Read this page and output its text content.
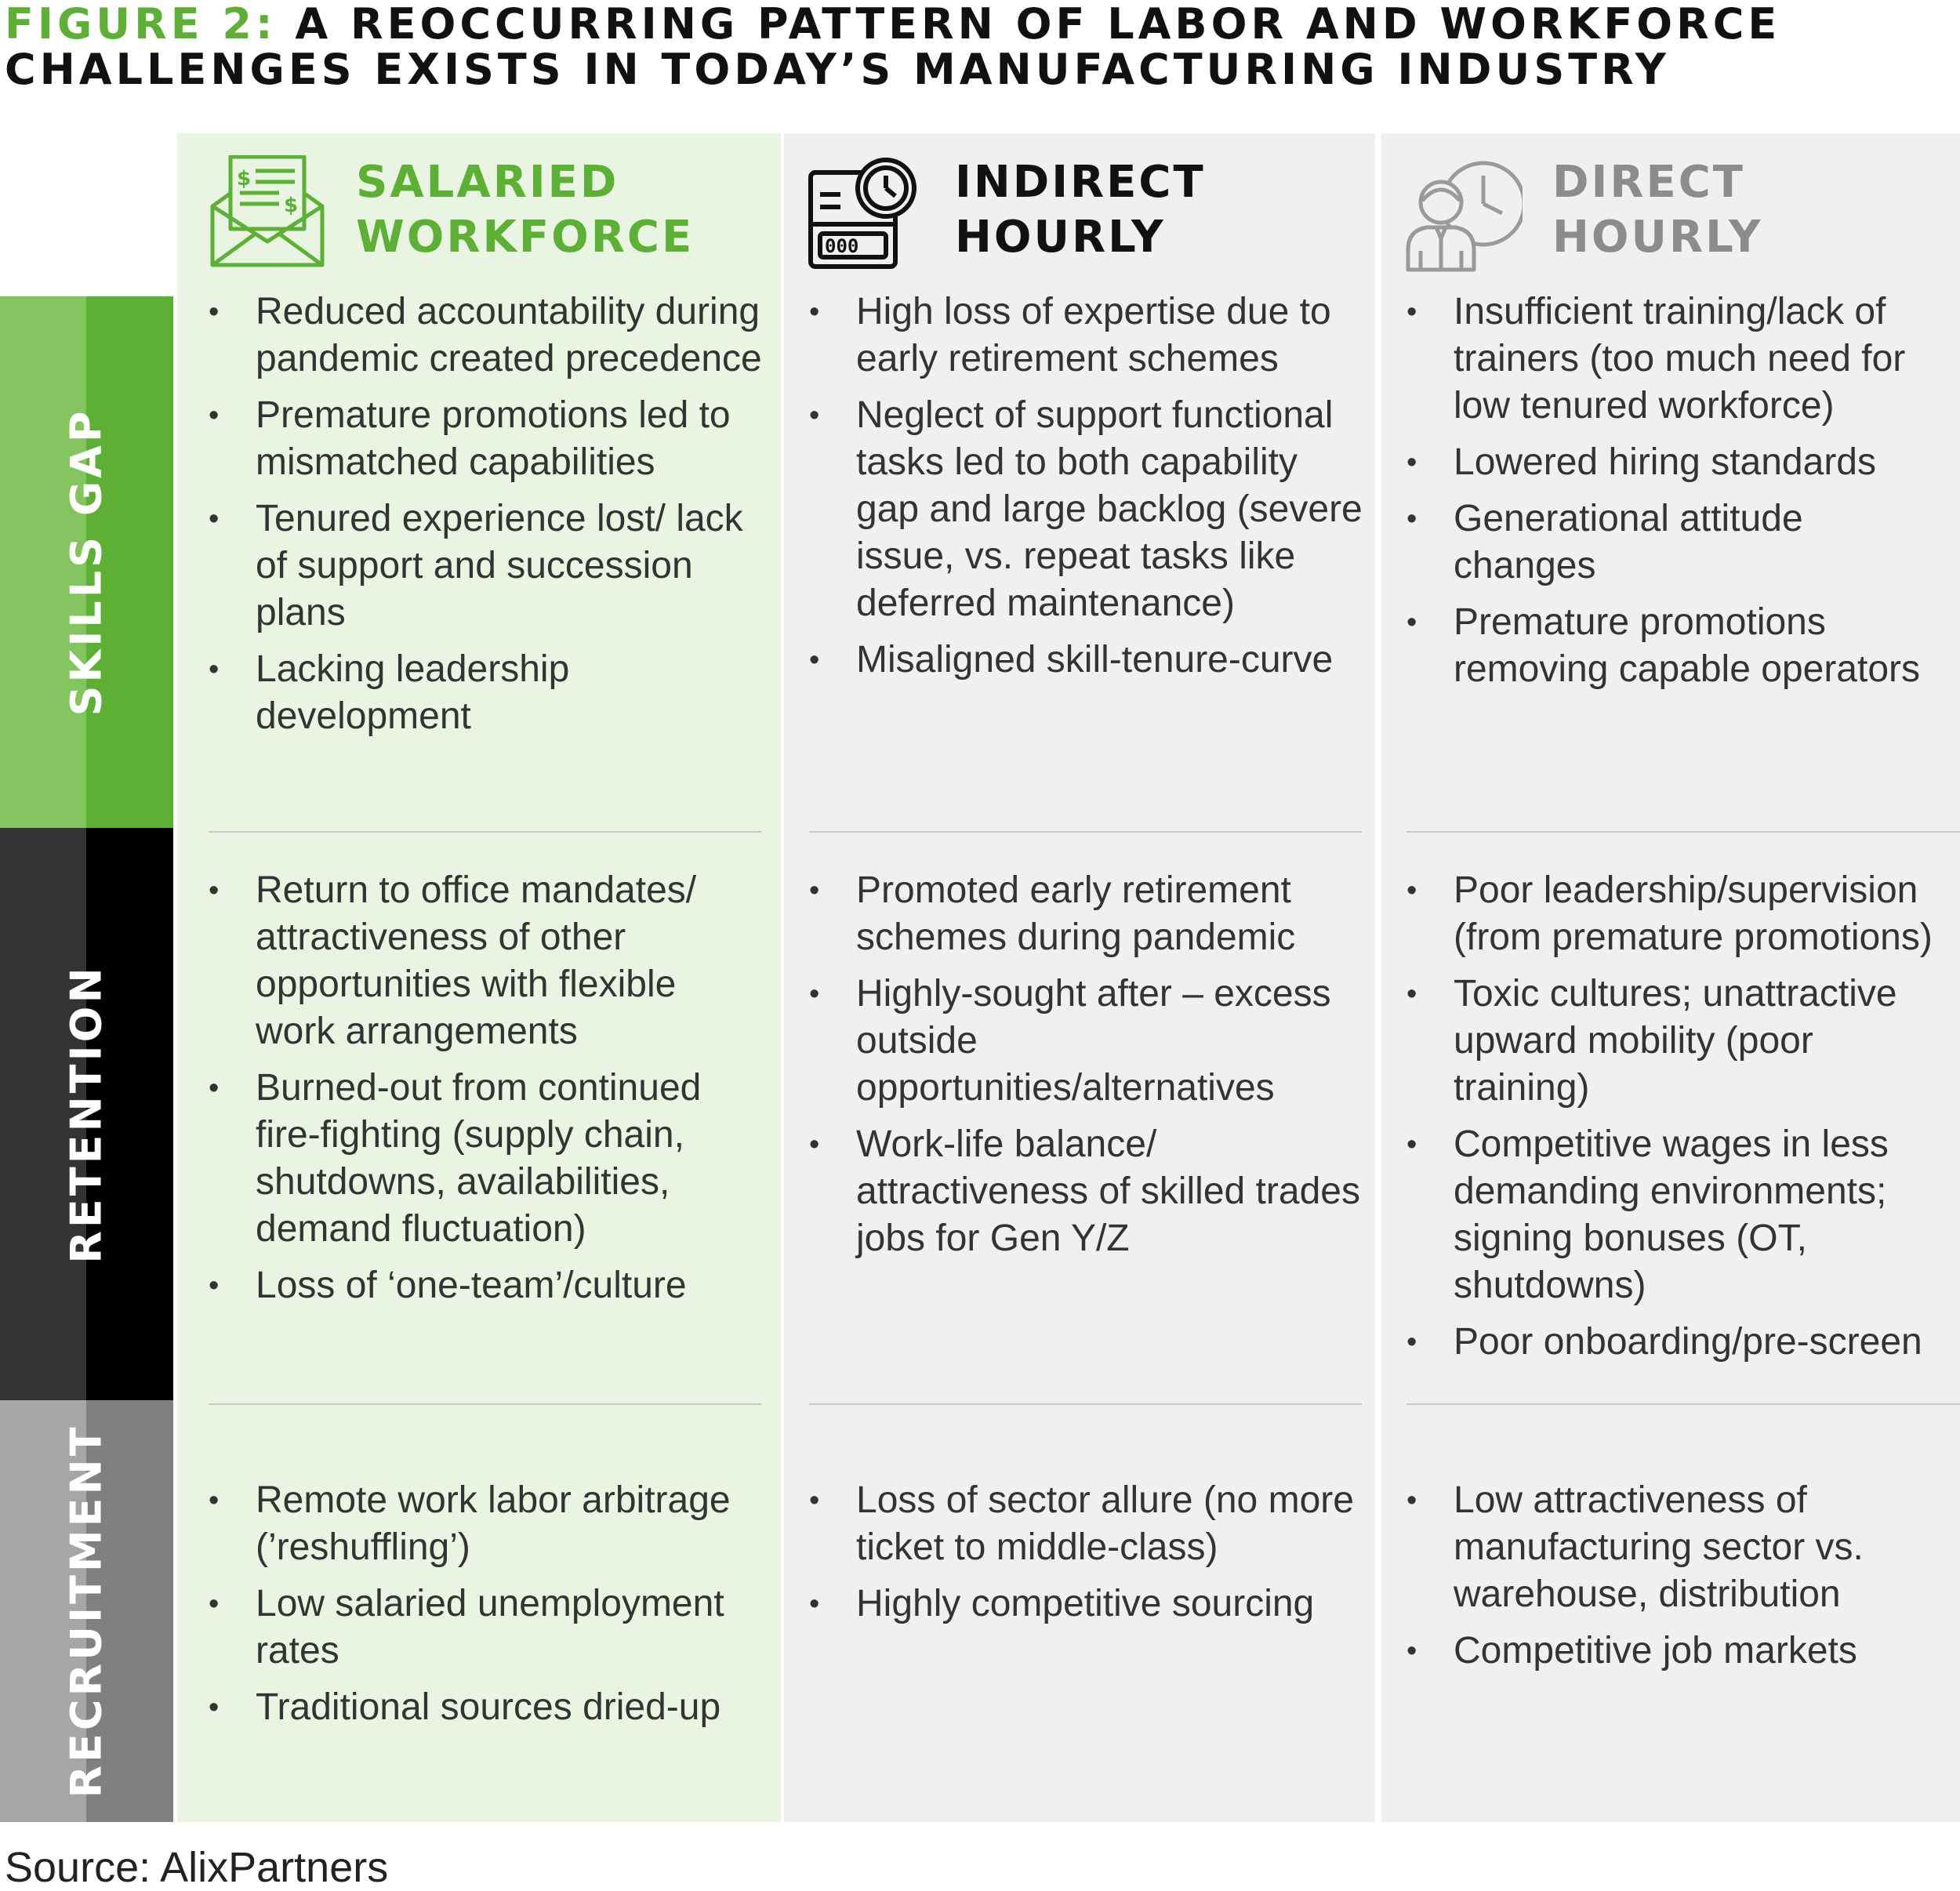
FIGURE 2: A REOCCURRING PATTERN OF LABOR AND WORKFORCE CHALLENGES EXISTS IN TODAY’S MANUFACTURING INDUSTRY
SKILLS GAP
RETENTION
RECRUITMENT
$
$ SALARIED WORKFORCE	000
INDIRECT HOURLY
DIRECT HOURLY
• Reduced accountability during pandemic created precedence
• Premature promotions led to mismatched capabilities
• Tenured experience lost/ lack of support and succession plans
• Lacking leadership development
• High loss of expertise due to early retirement schemes
• Neglect of support functional tasks led to both capability gap and large backlog (severe issue, vs. repeat tasks like deferred maintenance)
• Misaligned skill-tenure-curve
• Insufficient training/lack of trainers (too much need for low tenured workforce)
• Lowered hiring standards
• Generational attitude changes
• Premature promotions removing capable operators
• Return to office mandates/ attractiveness of other opportunities with flexible work arrangements
• Burned-out from continued fire-fighting (supply chain, shutdowns, availabilities, demand fluctuation)
• Loss of ‘one-team’/culture
• Promoted early retirement schemes during pandemic
• Highly-sought after – excess outside opportunities/alternatives
• Work-life balance/ attractiveness of skilled trades jobs for Gen Y/Z
• Poor leadership/supervision (from premature promotions)
• Toxic cultures; unattractive upward mobility (poor training)
• Competitive wages in less demanding environments; signing bonuses (OT, shutdowns)
• Poor onboarding/pre-screen
• Remote work labor arbitrage (’reshuffling’)
• Low salaried unemployment rates
• Traditional sources dried-up
• Loss of sector allure (no more ticket to middle-class)
• Highly competitive sourcing
• Low attractiveness of manufacturing sector vs. warehouse, distribution
• Competitive job markets
Source: AlixPartners
